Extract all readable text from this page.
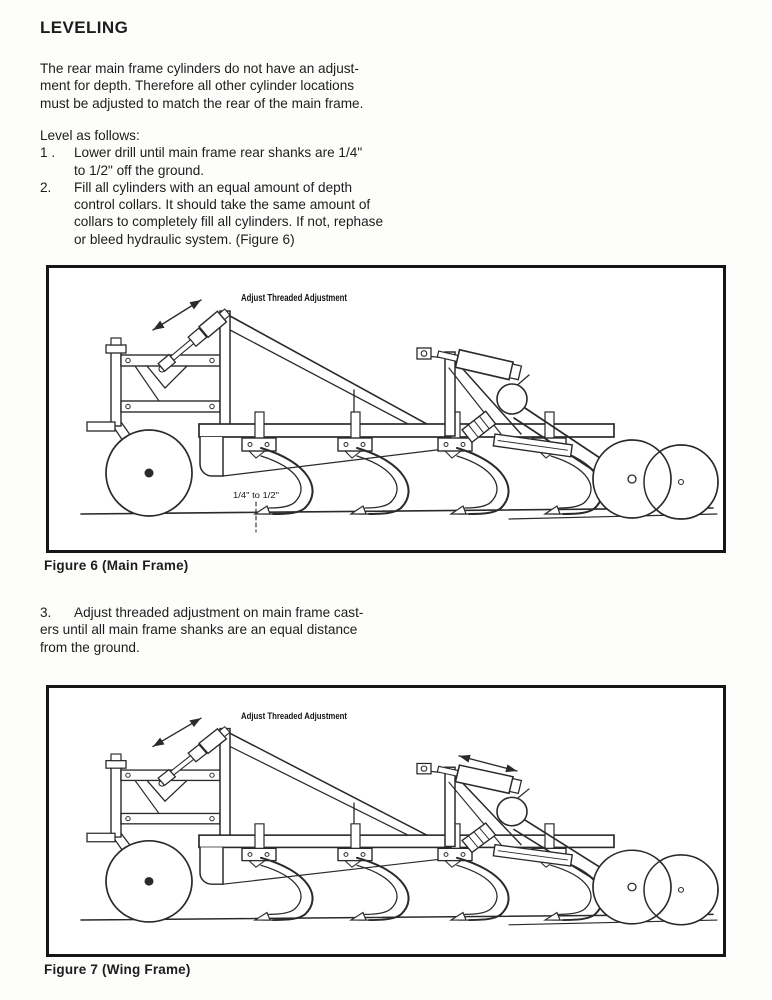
LEVELING
The rear main frame cylinders do not have an adjust-
ment for depth. Therefore all other cylinder locations
must be adjusted to match the rear of the main frame.
Level as follows:
1 .	Lower drill until main frame rear shanks are 1/4"
to 1/2" off the ground.
2.	Fill all cylinders with an equal amount of depth
control collars. It should take the same amount of
collars to completely fill all cylinders. If not, rephase
or bleed hydraulic system. (Figure 6)
1/4" to 1/2"
Figure 6 (Main Frame)
3. Adjust threaded adjustment on main frame cast-
ers until all main frame shanks are an equal distance
from the ground.
Figure 7 (Wing Frame)
